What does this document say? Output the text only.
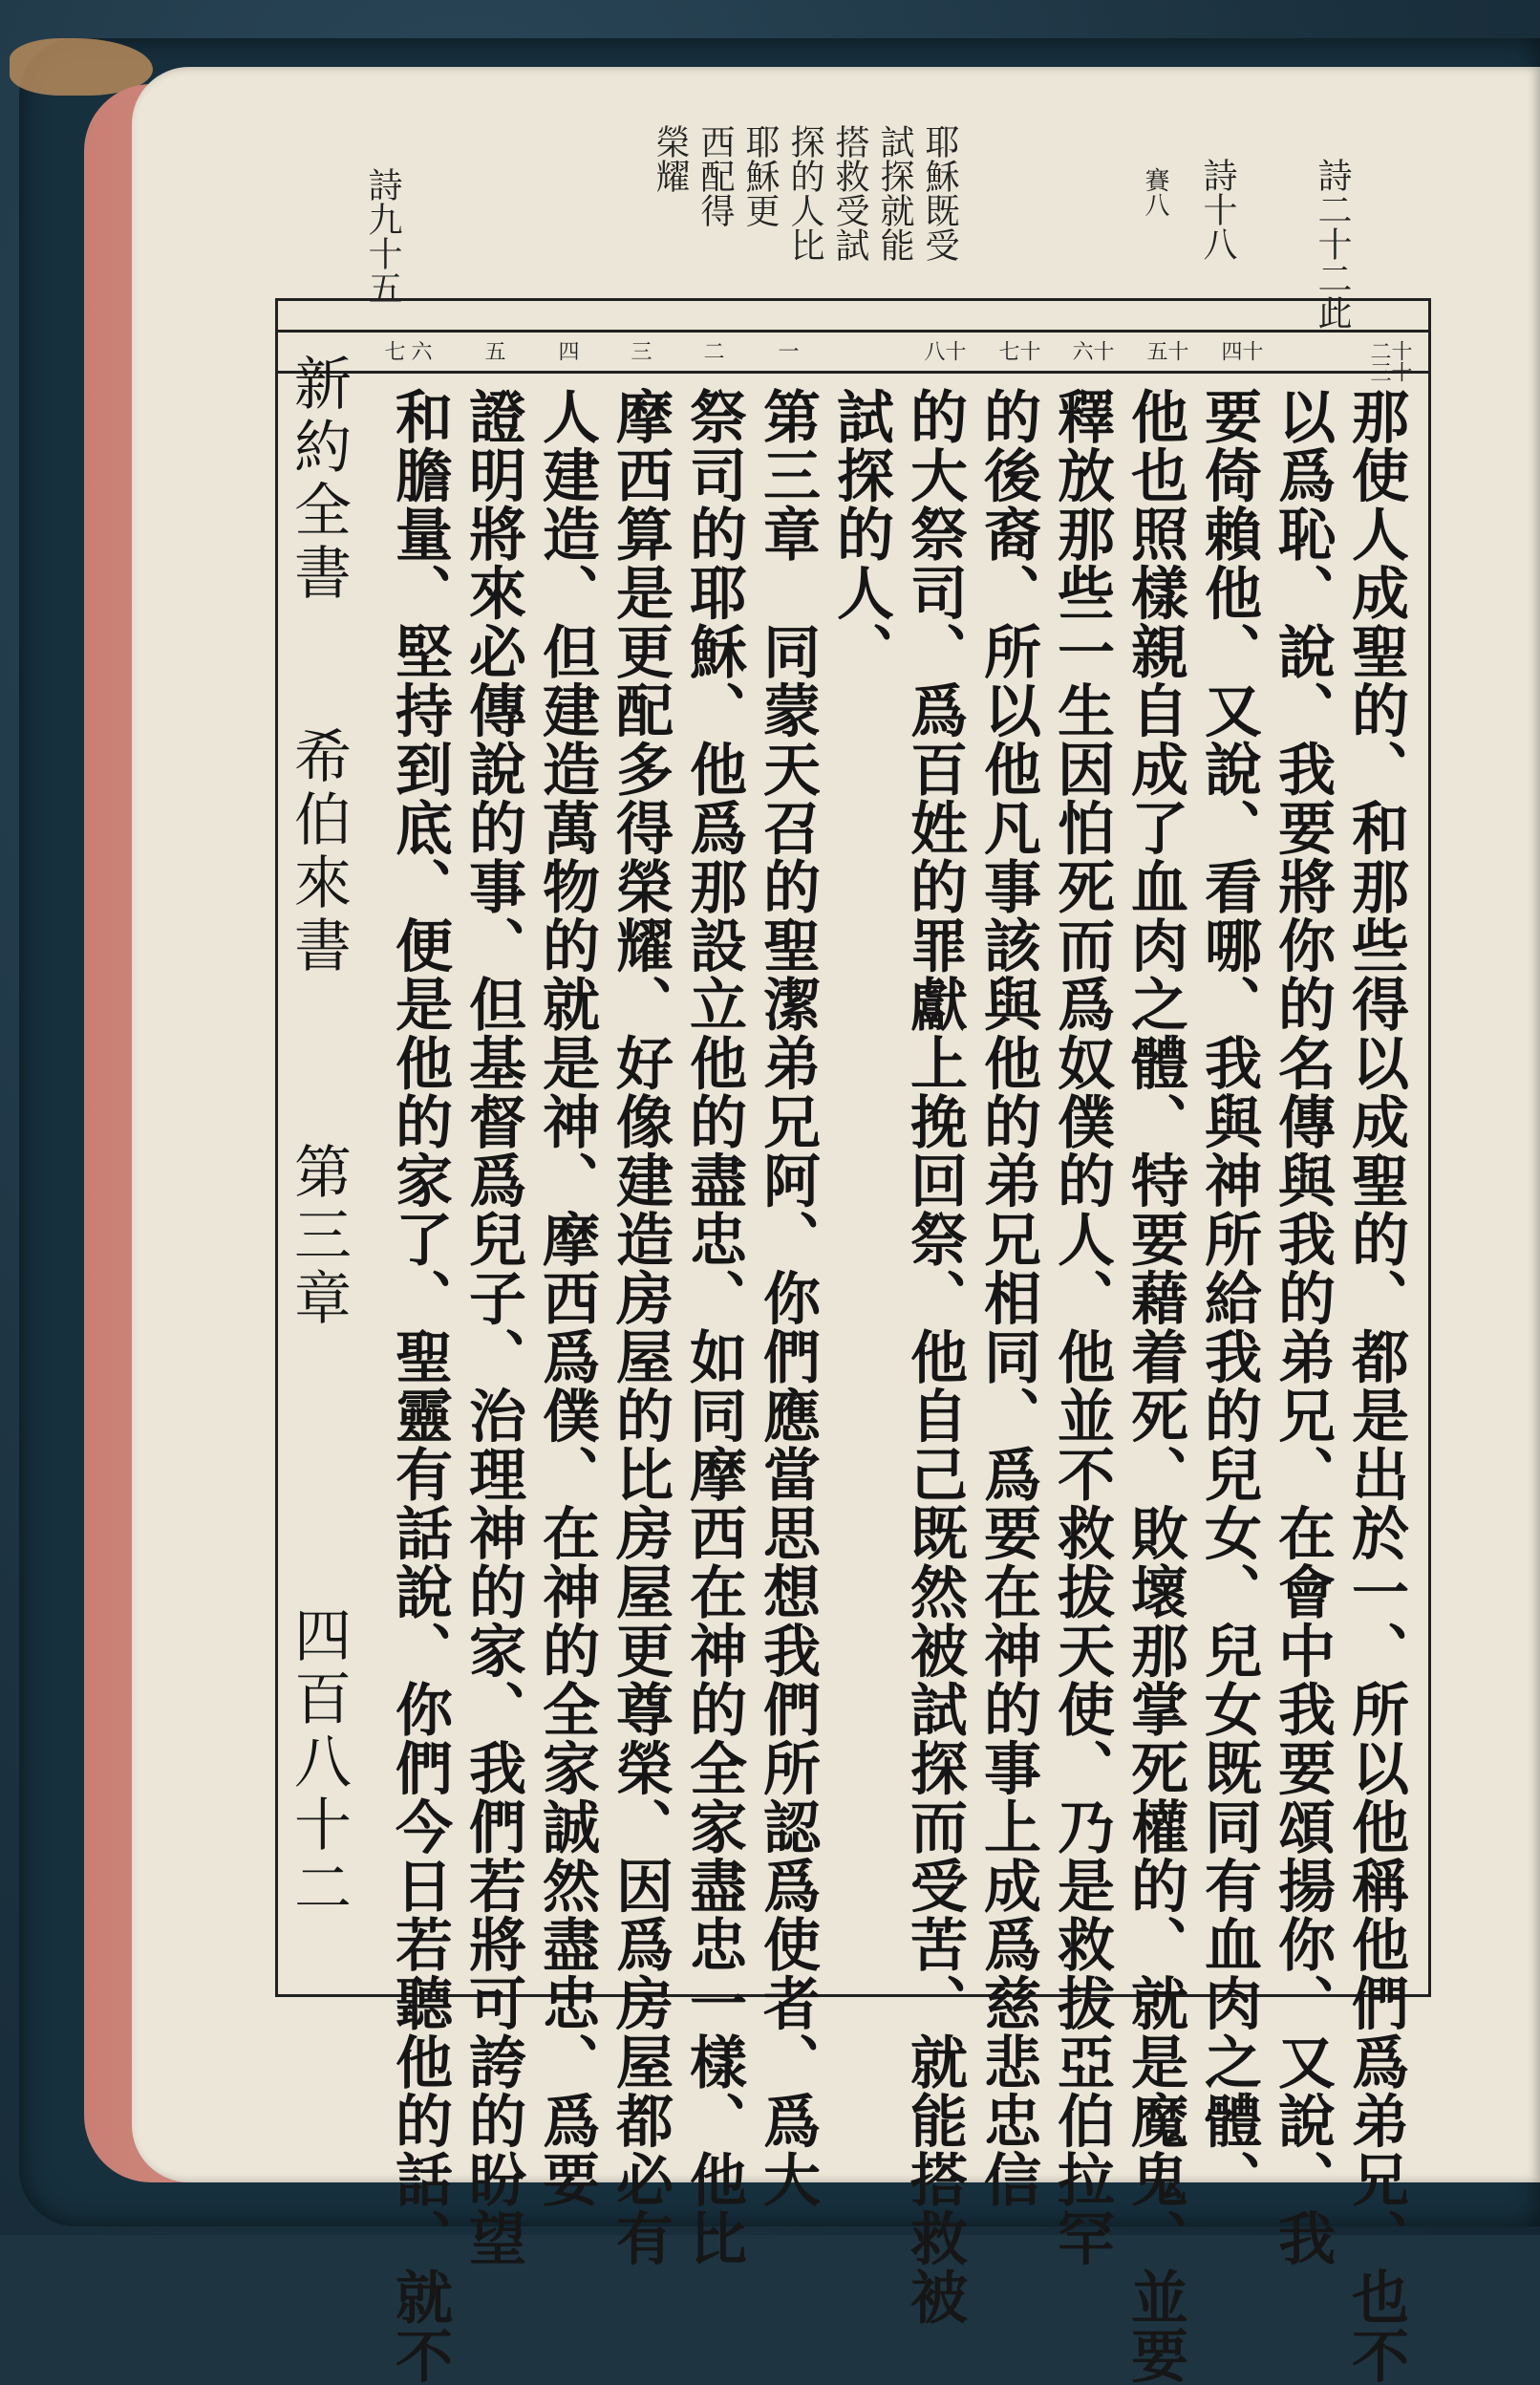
詩二十二此
詩十八
賽八
詩九十五	耶穌既受
試探就能
搭救受試
探的人比
耶穌更
西配得
榮耀
十二
十三
十四
十五
十六
十七
十八
一
二
三
四
五
六
七
那使人成聖的、和那些得以成聖的、都是出於一、所以他稱他們爲弟兄、也不
以爲恥、說、我要將你的名傳與我的弟兄、在會中我要頌揚你、又說、我
要倚賴他、又說、看哪、我與神所給我的兒女、兒女既同有血肉之體、
他也照樣親自成了血肉之體、特要藉着死、敗壞那掌死權的、就是魔鬼、並要
釋放那些一生因怕死而爲奴僕的人、他並不救拔天使、乃是救拔亞伯拉罕
的後裔、所以他凡事該與他的弟兄相同、爲要在神的事上成爲慈悲忠信
的大祭司、爲百姓的罪獻上挽回祭、他自己既然被試探而受苦、就能搭救被
試探的人、
第三章　同蒙天召的聖潔弟兄阿、你們應當思想我們所認爲使者、爲大
祭司的耶穌、他爲那設立他的盡忠、如同摩西在神的全家盡忠一樣、他比
摩西算是更配多得榮耀、好像建造房屋的比房屋更尊榮、因爲房屋都必有
人建造、但建造萬物的就是神、摩西爲僕、在神的全家誠然盡忠、爲要
證明將來必傳說的事、但基督爲兒子、治理神的家、我們若將可誇的盼望
和膽量、堅持到底、便是他的家了、聖靈有話說、你們今日若聽他的話、就不
新約全書
希伯來書
第三章
四百八十二
